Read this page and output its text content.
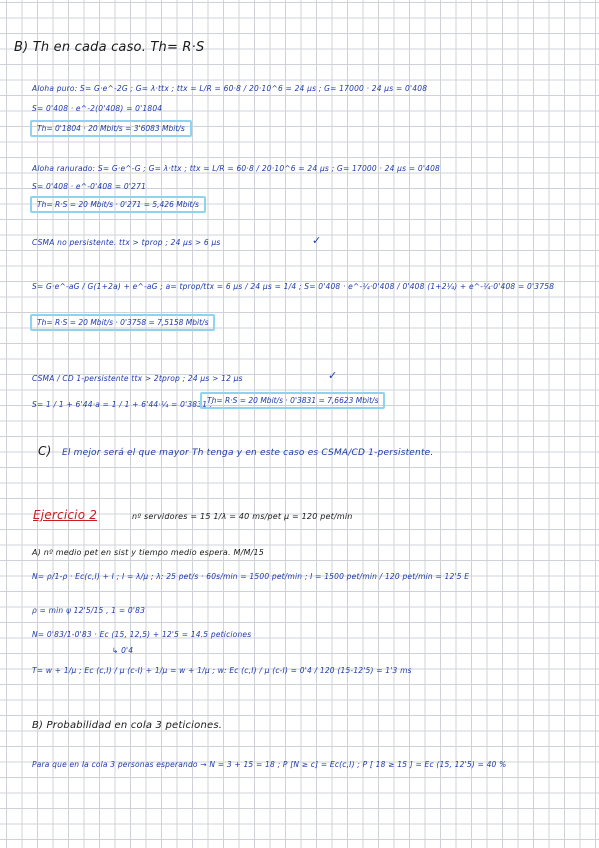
B) Th en cada caso. Th= R·S
Aloha puro: S= G·e^-2G ; G= λ·ttx ; ttx = L/R = 60·8 / 20·10^6 = 24 μs ; G= 17000 · 24 μs = 0'408
S= 0'408 · e^-2(0'408) = 0'1804
Th= 0'1804 · 20 Mbit/s = 3'6083 Mbit/s
Aloha ranurado: S= G·e^-G ; G= λ·ttx ; ttx = L/R = 60·8 / 20·10^6 = 24 μs ; G= 17000 · 24 μs = 0'408
S= 0'408 · e^-0'408 = 0'271
Th= R·S = 20 Mbit/s · 0'271 = 5,426 Mbit/s
CSMA no persistente. ttx > tprop ; 24 μs > 6 μs	✓
S= G·e^-aG / G(1+2a) + e^-aG ; a= tprop/ttx = 6 μs / 24 μs = 1/4 ; S= 0'408 · e^-¼·0'408 / 0'408 (1+2¼) + e^-¼·0'408 = 0'3758
Th= R·S = 20 Mbit/s · 0'3758 = 7,5158 Mbit/s
CSMA / CD 1-persistente ttx > 2tprop ; 24 μs > 12 μs	✓
S= 1 / 1 + 6'44·a = 1 / 1 + 6'44·¼ = 0'3831 ;
Th= R·S = 20 Mbit/s · 0'3831 = 7,6623 Mbit/s
C) El mejor será el que mayor Th tenga y en este caso es CSMA/CD 1-persistente.
Ejercicio 2	nº servidores = 15 1/λ = 40 ms/pet μ = 120 pet/min
A) nº medio pet en sist y tiempo medio espera. M/M/15
N= ρ/1-ρ · Ec(c,I) + I ; I = λ/μ ; λ: 25 pet/s · 60s/min = 1500 pet/min ; I = 1500 pet/min / 120 pet/min = 12'5 E
ρ = min ψ 12'5/15 , 1 = 0'83
N= 0'83/1-0'83 · Ec (15, 12,5) + 12'5 = 14.5 peticiones
↳ 0'4
T= w + 1/μ ; Ec (c,I) / μ (c-I) + 1/μ = w + 1/μ ; w: Ec (c,I) / μ (c-I) = 0'4 / 120 (15-12'5) = 1'3 ms
B) Probabilidad en cola 3 peticiones.
Para que en la cola 3 personas esperando → N = 3 + 15 = 18 ; P [N ≥ c] = Ec(c,I) ; P [ 18 ≥ 15 ] = Ec (15, 12'5) = 40 %
